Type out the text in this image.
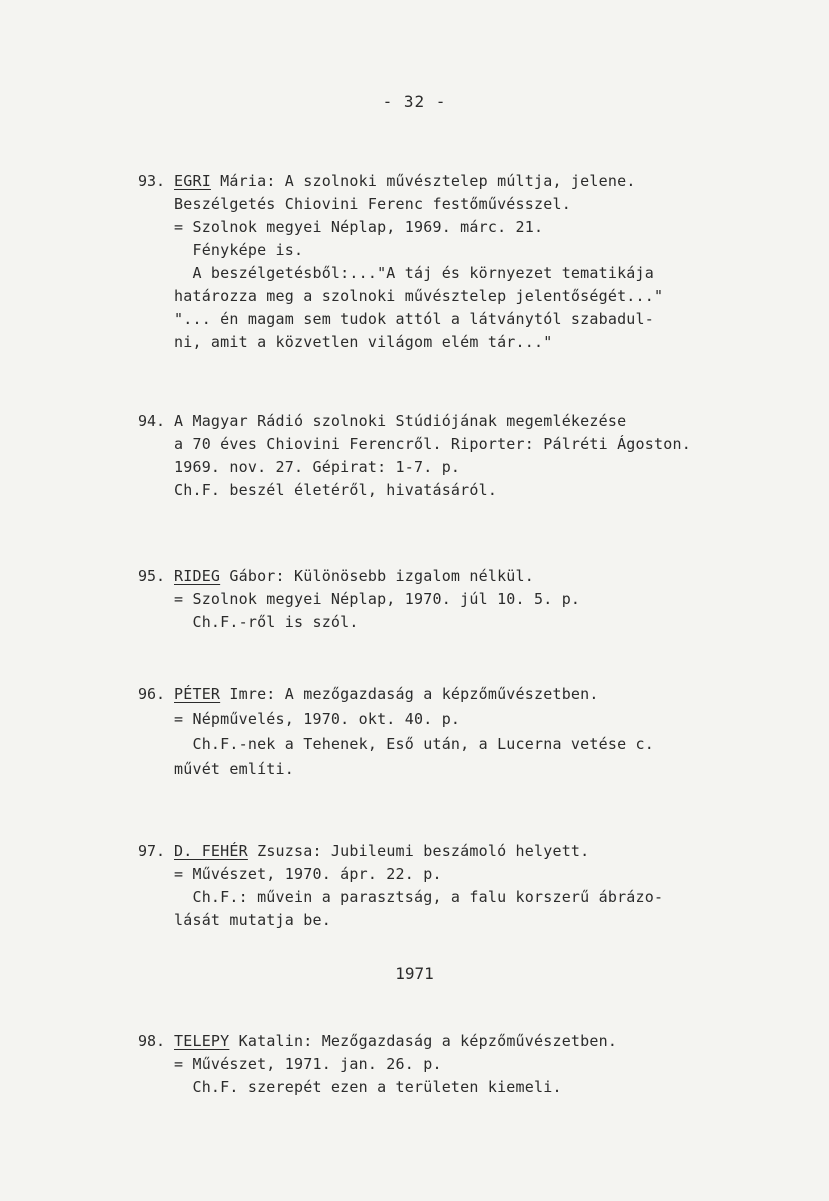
- 32 -
93. EGRI Mária: A szolnoki művésztelep múltja, jelene.
Beszélgetés Chiovini Ferenc festőművésszel.
= Szolnok megyei Néplap, 1969. márc. 21.
Fényképe is.
A beszélgetésből:..."A táj és környezet tematikája
határozza meg a szolnoki művésztelep jelentőségét..."
"... én magam sem tudok attól a látványtól szabadul-
ni, amit a közvetlen világom elém tár..."
94. A Magyar Rádió szolnoki Stúdiójának megemlékezése
a 70 éves Chiovini Ferencről. Riporter: Pálréti Ágoston.
1969. nov. 27. Gépirat: 1-7. p.
Ch.F. beszél életéről, hivatásáról.
95. RIDEG Gábor: Különösebb izgalom nélkül.
= Szolnok megyei Néplap, 1970. júl 10. 5. p.
Ch.F.-ről is szól.
96. PÉTER Imre: A mezőgazdaság a képzőművészetben.
= Népművelés, 1970. okt. 40. p.
Ch.F.-nek a Tehenek, Eső után, a Lucerna vetése c.
művét említi.
97. D. FEHÉR Zsuzsa: Jubileumi beszámoló helyett.
= Művészet, 1970. ápr. 22. p.
Ch.F.: művein a parasztság, a falu korszerű ábrázo-
lását mutatja be.
1971
98. TELEPY Katalin: Mezőgazdaság a képzőművészetben.
= Művészet, 1971. jan. 26. p.
Ch.F. szerepét ezen a területen kiemeli.
